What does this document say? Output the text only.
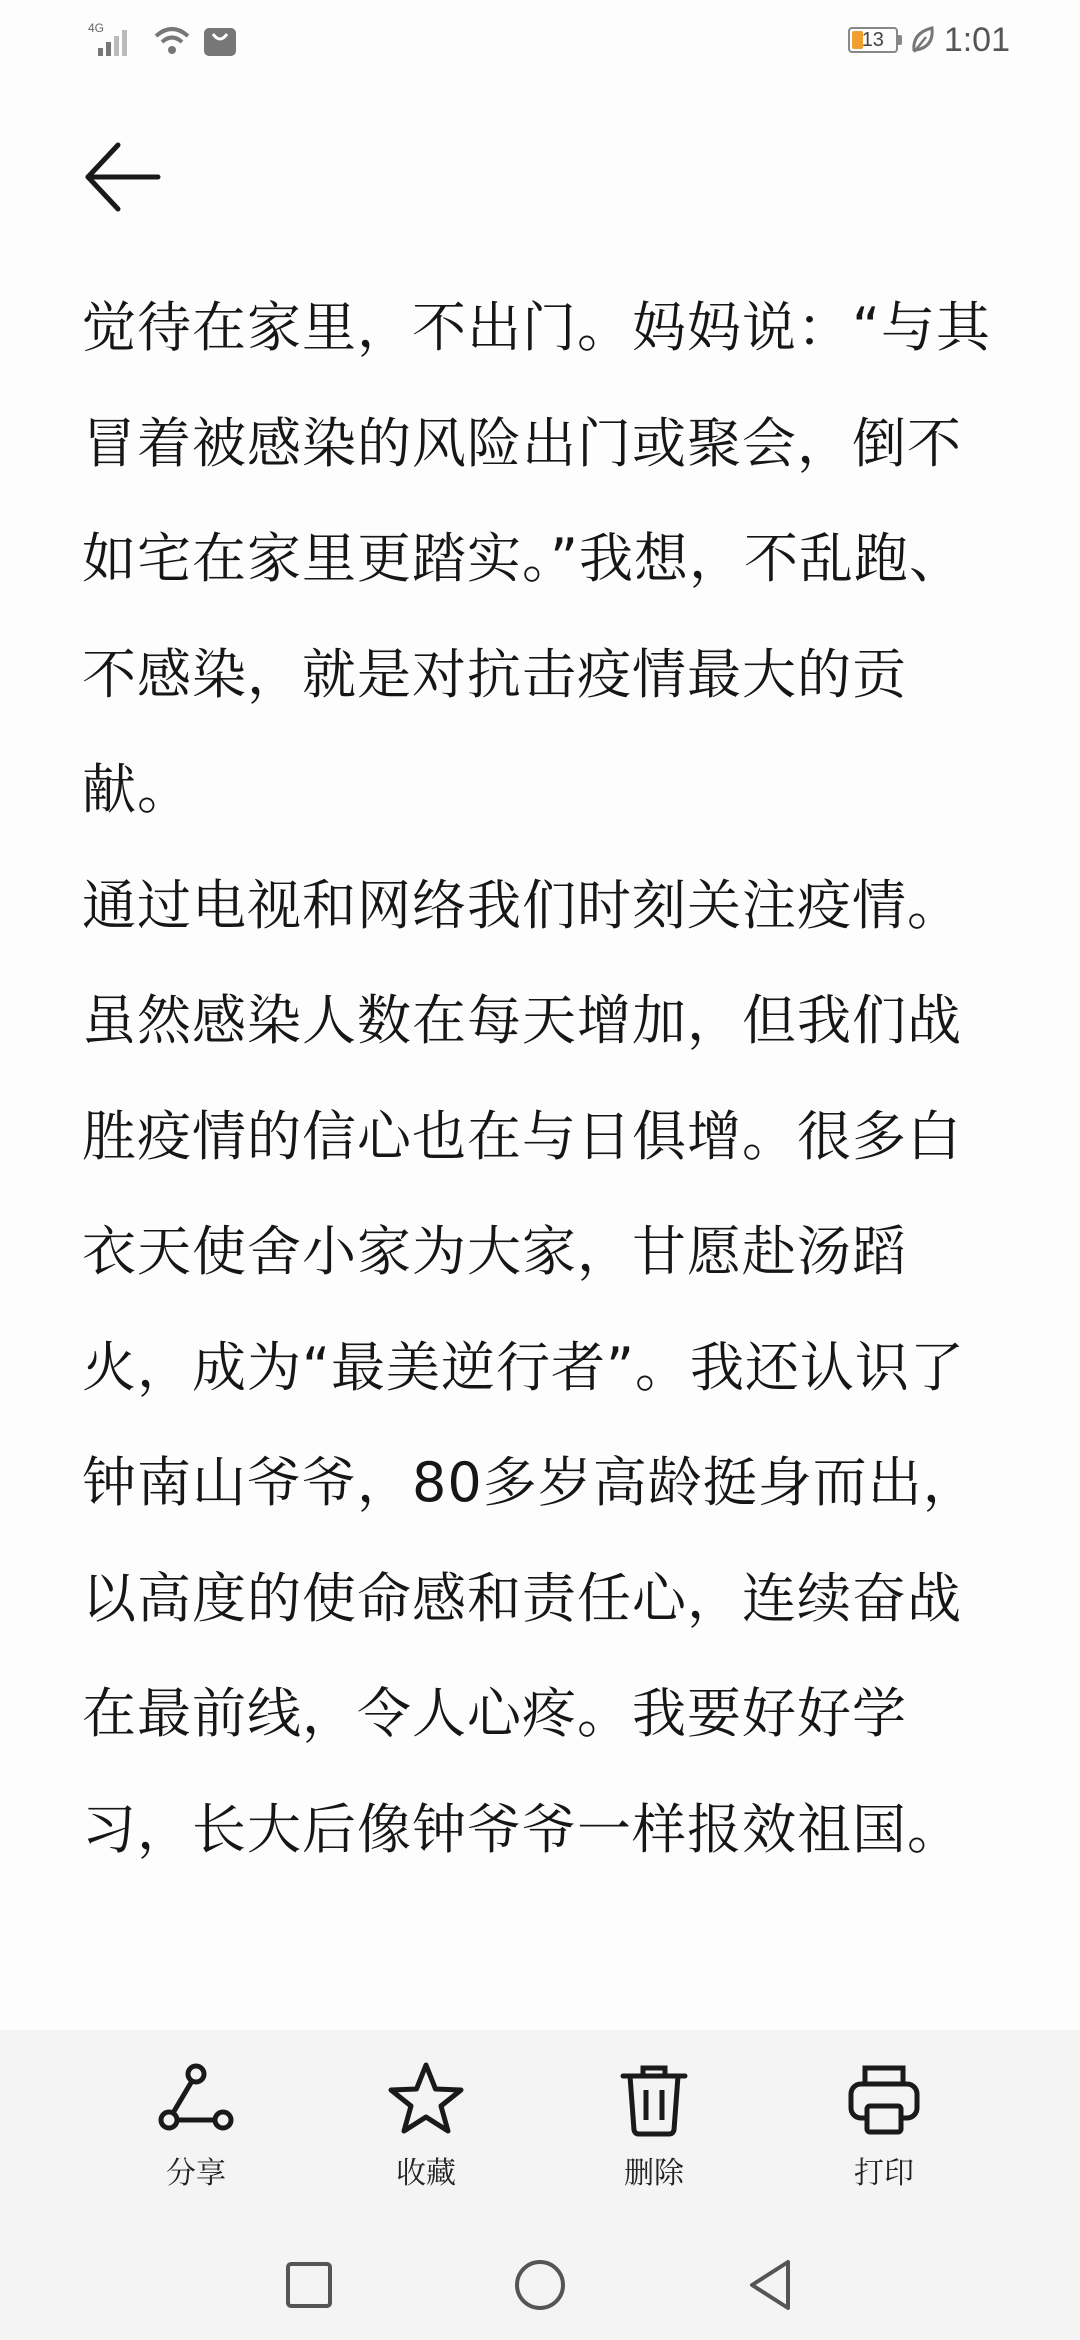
4G
13 1:01

觉待在家里，不出门。妈妈说：“与其冒着被感染的风险出门或聚会，倒不如宅在家里更踏实。”我想，不乱跑、不感染，就是对抗击疫情最大的贡献。

通过电视和网络我们时刻关注疫情。虽然感染人数在每天增加，但我们战胜疫情的信心也在与日俱增。很多白衣天使舍小家为大家，甘愿赴汤蹈火，成为“最美逆行者”。我还认识了钟南山爷爷，80多岁高龄挺身而出，以高度的使命感和责任心，连续奋战在最前线，令人心疼。我要好好学习，长大后像钟爷爷一样报效祖国。

分享	收藏	删除	打印
